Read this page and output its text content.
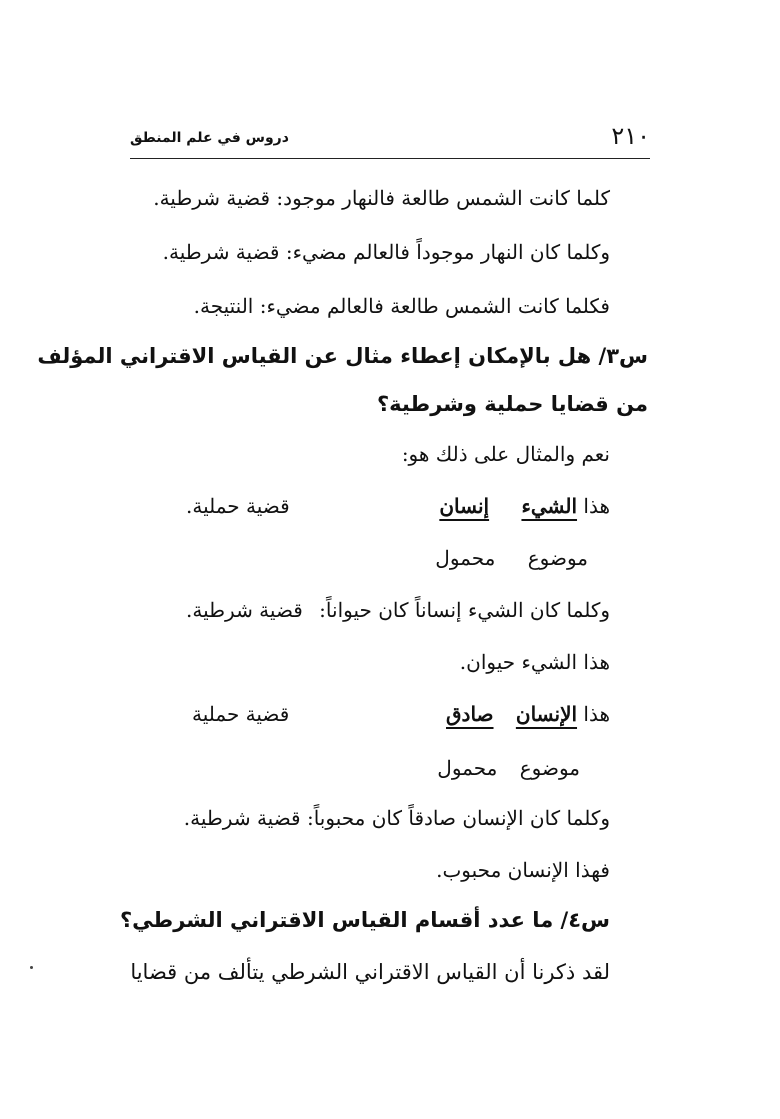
٢١٠
دروس في علم المنطق
كلما كانت الشمس طالعة فالنهار موجود: قضية شرطية.
وكلما كان النهار موجوداً فالعالم مضيء: قضية شرطية.
فكلما كانت الشمس طالعة فالعالم مضيء: النتيجة.
س٣/ هل بالإمكان إعطاء مثال عن القياس الاقتراني المؤلف
من قضايا حملية وشرطية؟
نعم والمثال على ذلك هو:
هذا الشيء إنسان
قضية حملية.
موضوع محمول
وكلما كان الشيء إنساناً كان حيواناً:
قضية شرطية.
هذا الشيء حيوان.
هذا الإنسان صادق
قضية حملية
موضوع محمول
وكلما كان الإنسان صادقاً كان محبوباً: قضية شرطية.
فهذا الإنسان محبوب.
س٤/ ما عدد أقسام القياس الاقتراني الشرطي؟
لقد ذكرنا أن القياس الاقتراني الشرطي يتألف من قضايا
